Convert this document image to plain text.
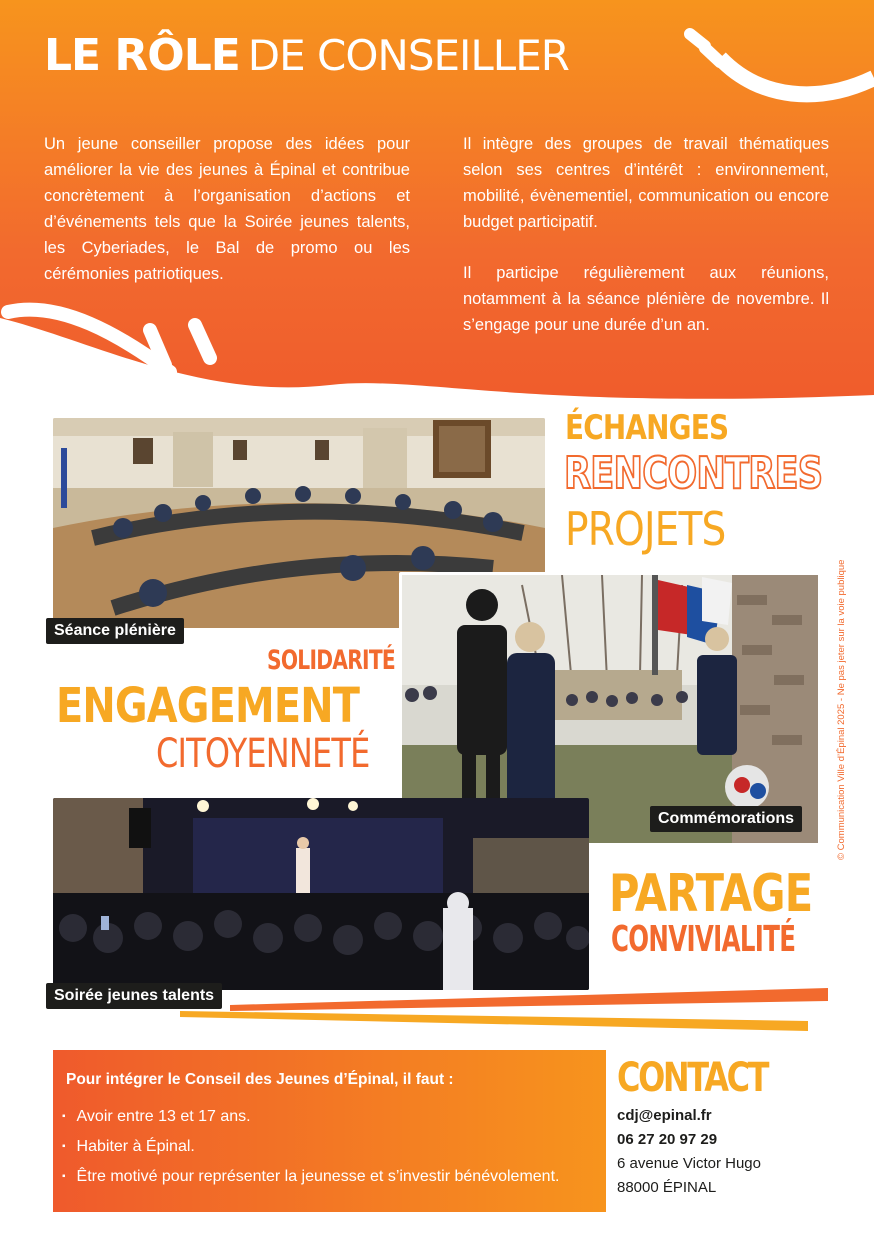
LE RÔLE DE CONSEILLER

Un jeune conseiller propose des idées pour améliorer la vie des jeunes à Épinal et contribue concrètement à l’organisation d’actions et d’événements tels que la Soirée jeunes talents, les Cyberiades, le Bal de promo ou les cérémonies patriotiques.

Il intègre des groupes de travail thématiques selon ses centres d’intérêt : environnement, mobilité, évènementiel, communication ou encore budget participatif.

Il participe régulièrement aux réunions, notamment à la séance plénière de novembre. Il s’engage pour une durée d’un an.

Séance plénière
Commémorations
Soirée jeunes talents
ÉCHANGES
RENCONTRES
PROJETS
SOLIDARITÉ
ENGAGEMENT
CITOYENNETÉ
PARTAGE
CONVIVIALITÉ
© Communication Ville d’Épinal 2025 - Ne pas jeter sur la voie publique
Pour intégrer le Conseil des Jeunes d’Épinal, il faut :
▪ Avoir entre 13 et 17 ans.
▪ Habiter à Épinal.
▪ Être motivé pour représenter la jeunesse et s’investir bénévolement.
CONTACT
cdj@epinal.fr
06 27 20 97 29
6 avenue Victor Hugo
88000 ÉPINAL
